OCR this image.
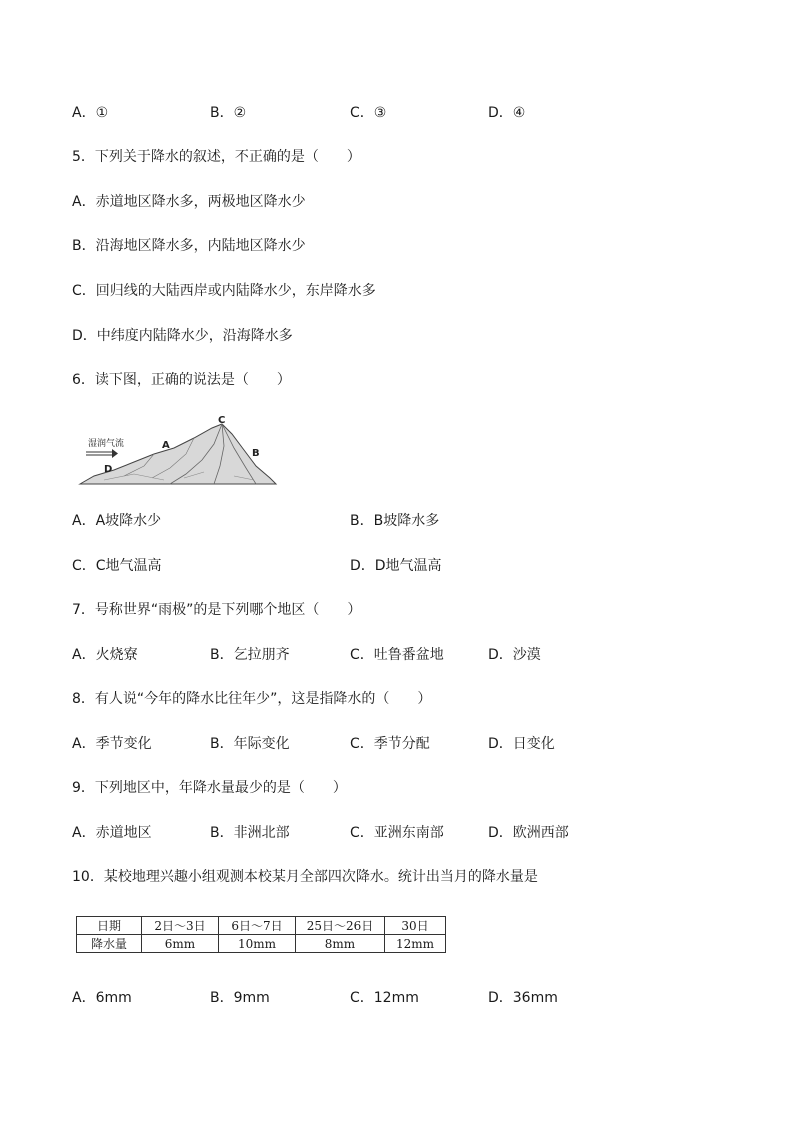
A．①	B．②	C．③	D．④
5．下列关于降水的叙述，不正确的是（　　）
A．赤道地区降水多，两极地区降水少
B．沿海地区降水多，内陆地区降水少
C．回归线的大陆西岸或内陆降水少，东岸降水多
D．中纬度内陆降水少，沿海降水多
6．读下图，正确的说法是（　　）
湿润气流	A
B
C
D
A．A坡降水少	B．B坡降水多
C．C地气温高	D．D地气温高
7．号称世界“雨极”的是下列哪个地区（　　）
A．火烧寮	B．乞拉朋齐	C．吐鲁番盆地	D．沙漠
8．有人说“今年的降水比往年少”，这是指降水的（　　）
A．季节变化	B．年际变化	C．季节分配	D．日变化
9．下列地区中，年降水量最少的是（　　）
A．赤道地区	B．非洲北部	C．亚洲东南部	D．欧洲西部
10．某校地理兴趣小组观测本校某月全部四次降水。统计出当月的降水量是
日期	2日～3日	6日～7日	25日～26日	30日
降水量	6mm	10mm	8mm	12mm
A．6mm	B．9mm	C．12mm	D．36mm
